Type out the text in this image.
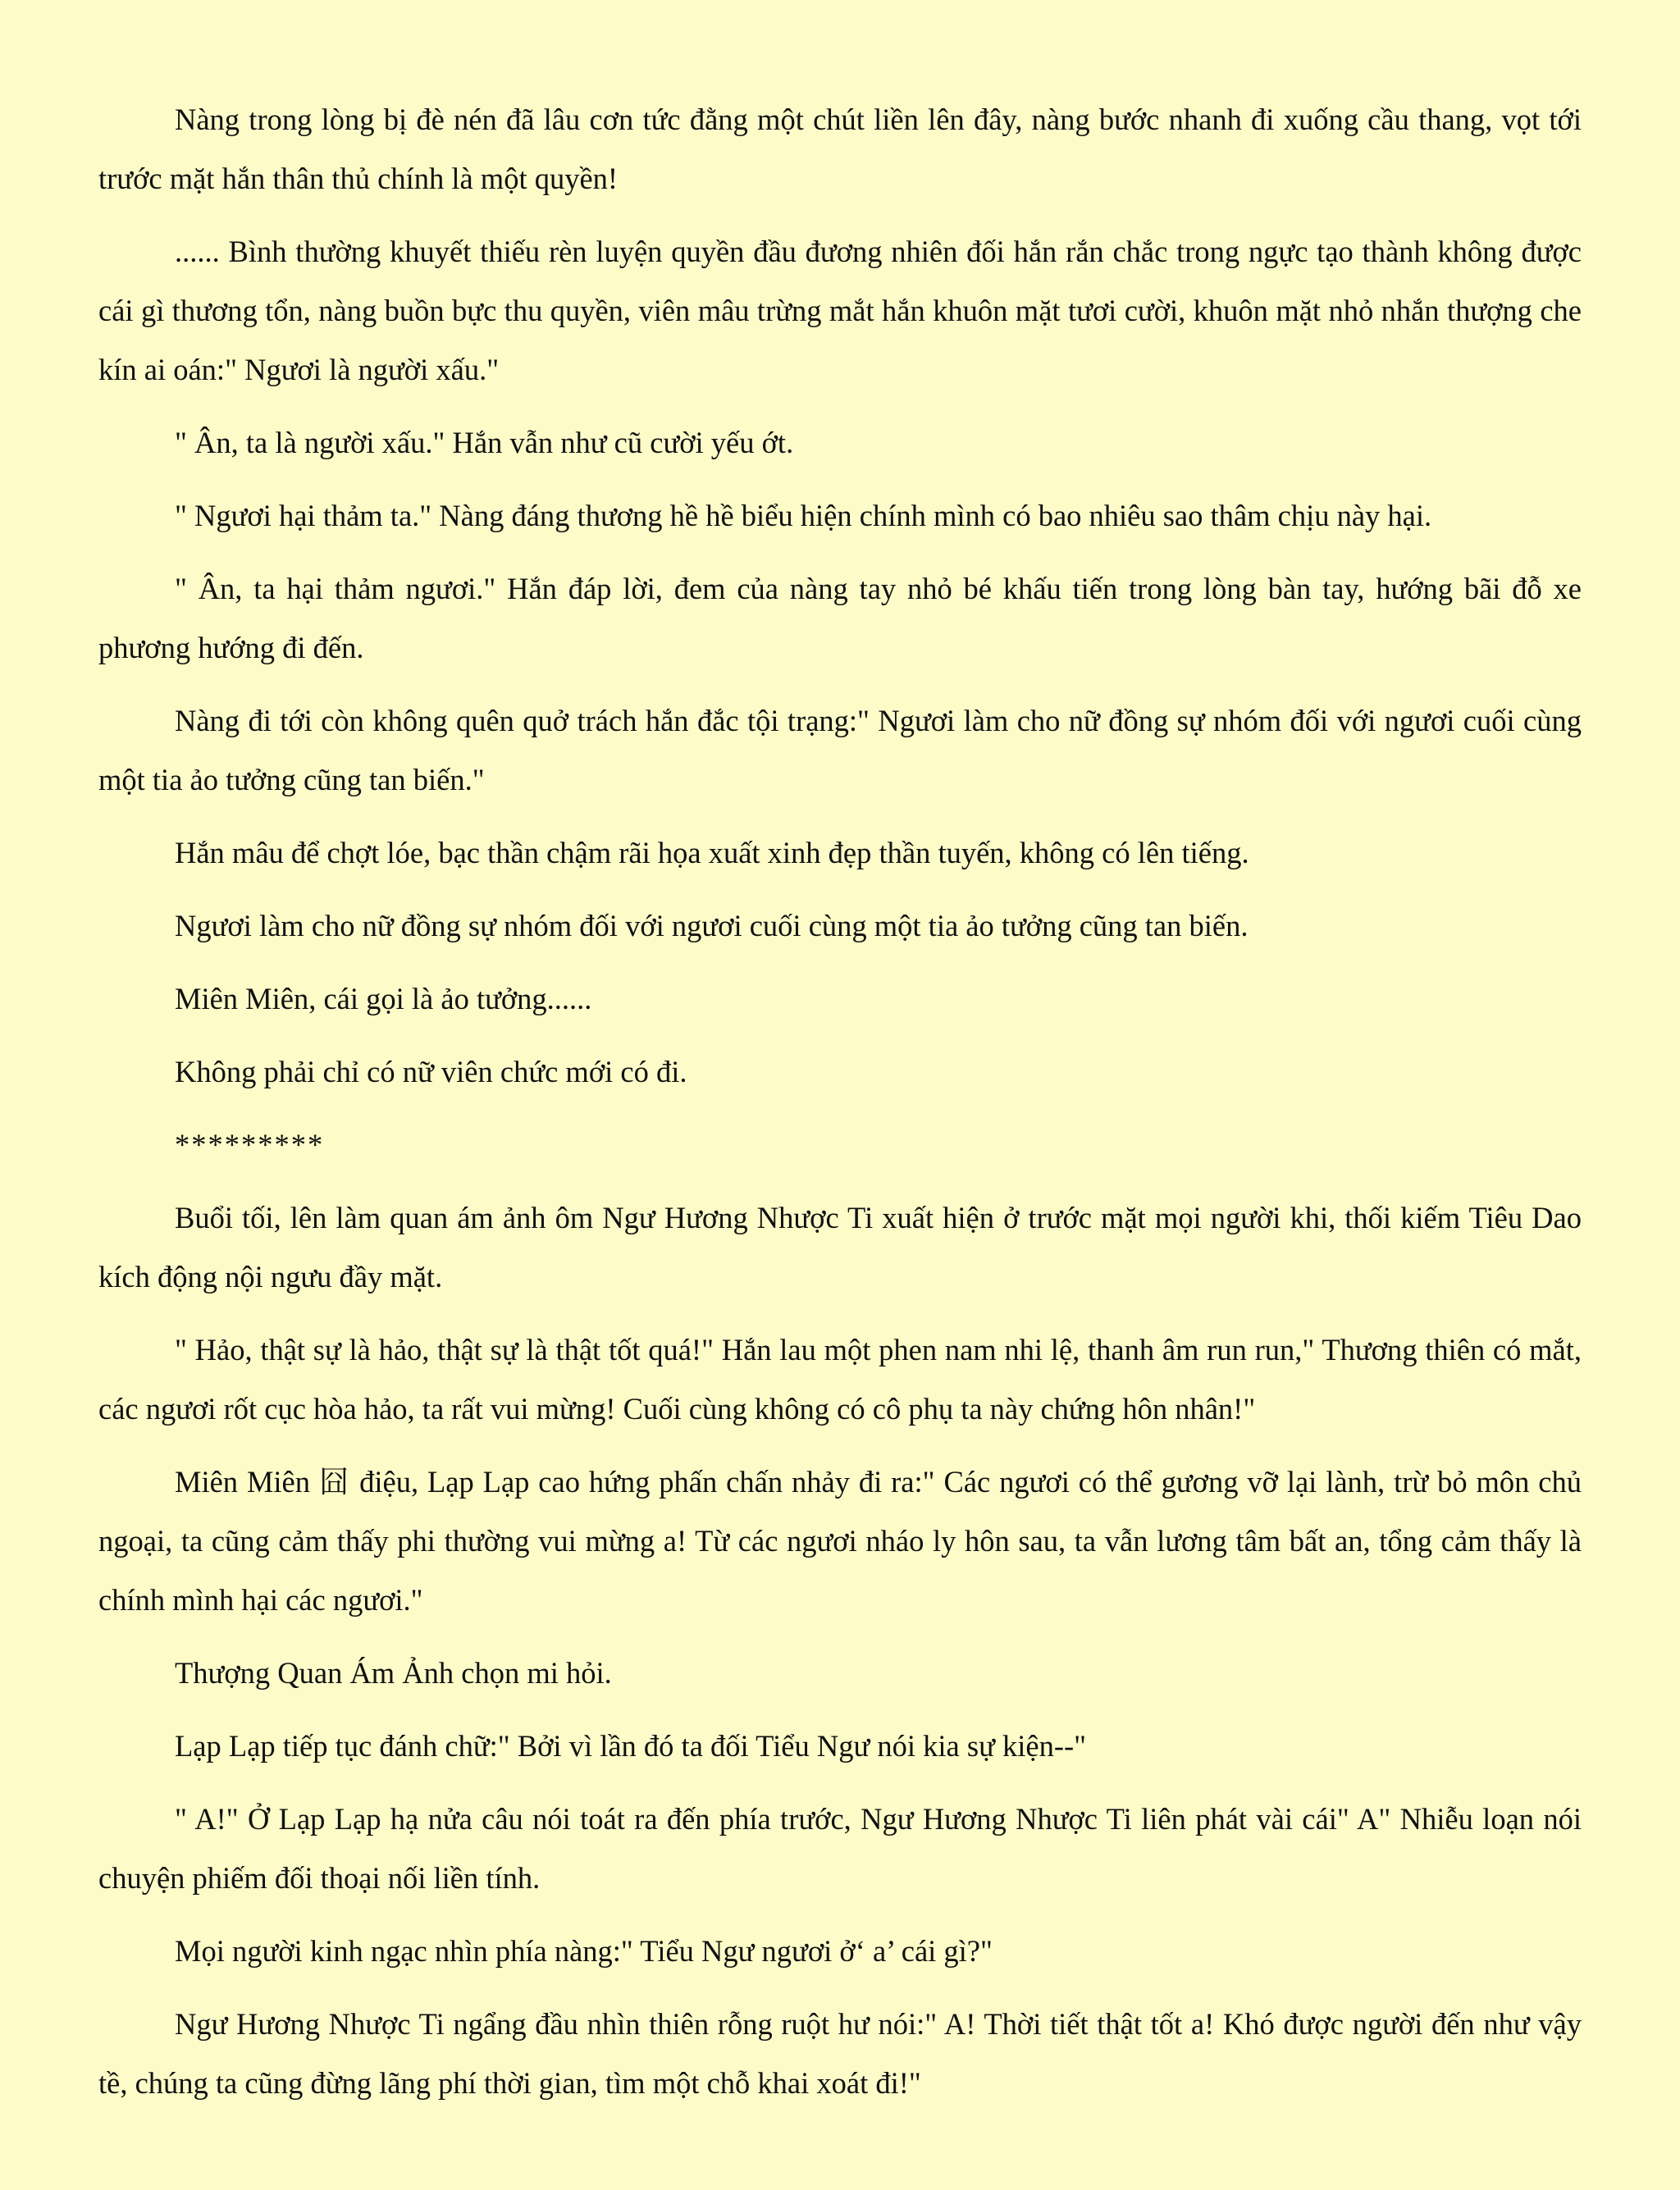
Nàng trong lòng bị đè nén đã lâu cơn tức đằng một chút liền lên đây, nàng bước nhanh đi xuống cầu thang, vọt tới trước mặt hắn thân thủ chính là một quyền!

...... Bình thường khuyết thiếu rèn luyện quyền đầu đương nhiên đối hắn rắn chắc trong ngực tạo thành không được cái gì thương tổn, nàng buồn bực thu quyền, viên mâu trừng mắt hắn khuôn mặt tươi cười, khuôn mặt nhỏ nhắn thượng che kín ai oán:" Ngươi là người xấu."

" Ân, ta là người xấu." Hắn vẫn như cũ cười yếu ớt.

" Ngươi hại thảm ta." Nàng đáng thương hề hề biểu hiện chính mình có bao nhiêu sao thâm chịu này hại.

" Ân, ta hại thảm ngươi." Hắn đáp lời, đem của nàng tay nhỏ bé khấu tiến trong lòng bàn tay, hướng bãi đỗ xe phương hướng đi đến.

Nàng đi tới còn không quên quở trách hắn đắc tội trạng:" Ngươi làm cho nữ đồng sự nhóm đối với ngươi cuối cùng một tia ảo tưởng cũng tan biến."

Hắn mâu để chợt lóe, bạc thần chậm rãi họa xuất xinh đẹp thần tuyến, không có lên tiếng.

Ngươi làm cho nữ đồng sự nhóm đối với ngươi cuối cùng một tia ảo tưởng cũng tan biến.

Miên Miên, cái gọi là ảo tưởng......

Không phải chỉ có nữ viên chức mới có đi.

*********

Buổi tối, lên làm quan ám ảnh ôm Ngư Hương Nhược Ti xuất hiện ở trước mặt mọi người khi, thối kiếm Tiêu Dao kích động nội ngưu đầy mặt.

" Hảo, thật sự là hảo, thật sự là thật tốt quá!" Hắn lau một phen nam nhi lệ, thanh âm run run," Thương thiên có mắt, các ngươi rốt cục hòa hảo, ta rất vui mừng! Cuối cùng không có cô phụ ta này chứng hôn nhân!"

Miên Miên 囧 điệu, Lạp Lạp cao hứng phấn chấn nhảy đi ra:" Các ngươi có thể gương vỡ lại lành, trừ bỏ môn chủ ngoại, ta cũng cảm thấy phi thường vui mừng a! Từ các ngươi nháo ly hôn sau, ta vẫn lương tâm bất an, tổng cảm thấy là chính mình hại các ngươi."

Thượng Quan Ám Ảnh chọn mi hỏi.

Lạp Lạp tiếp tục đánh chữ:" Bởi vì lần đó ta đối Tiểu Ngư nói kia sự kiện--"

" A!" Ở Lạp Lạp hạ nửa câu nói toát ra đến phía trước, Ngư Hương Nhược Ti liên phát vài cái" A" Nhiễu loạn nói chuyện phiếm đối thoại nối liền tính.

Mọi người kinh ngạc nhìn phía nàng:" Tiểu Ngư ngươi ở‘ a’ cái gì?"

Ngư Hương Nhược Ti ngẩng đầu nhìn thiên rỗng ruột hư nói:" A! Thời tiết thật tốt a! Khó được người đến như vậy tề, chúng ta cũng đừng lãng phí thời gian, tìm một chỗ khai xoát đi!"
